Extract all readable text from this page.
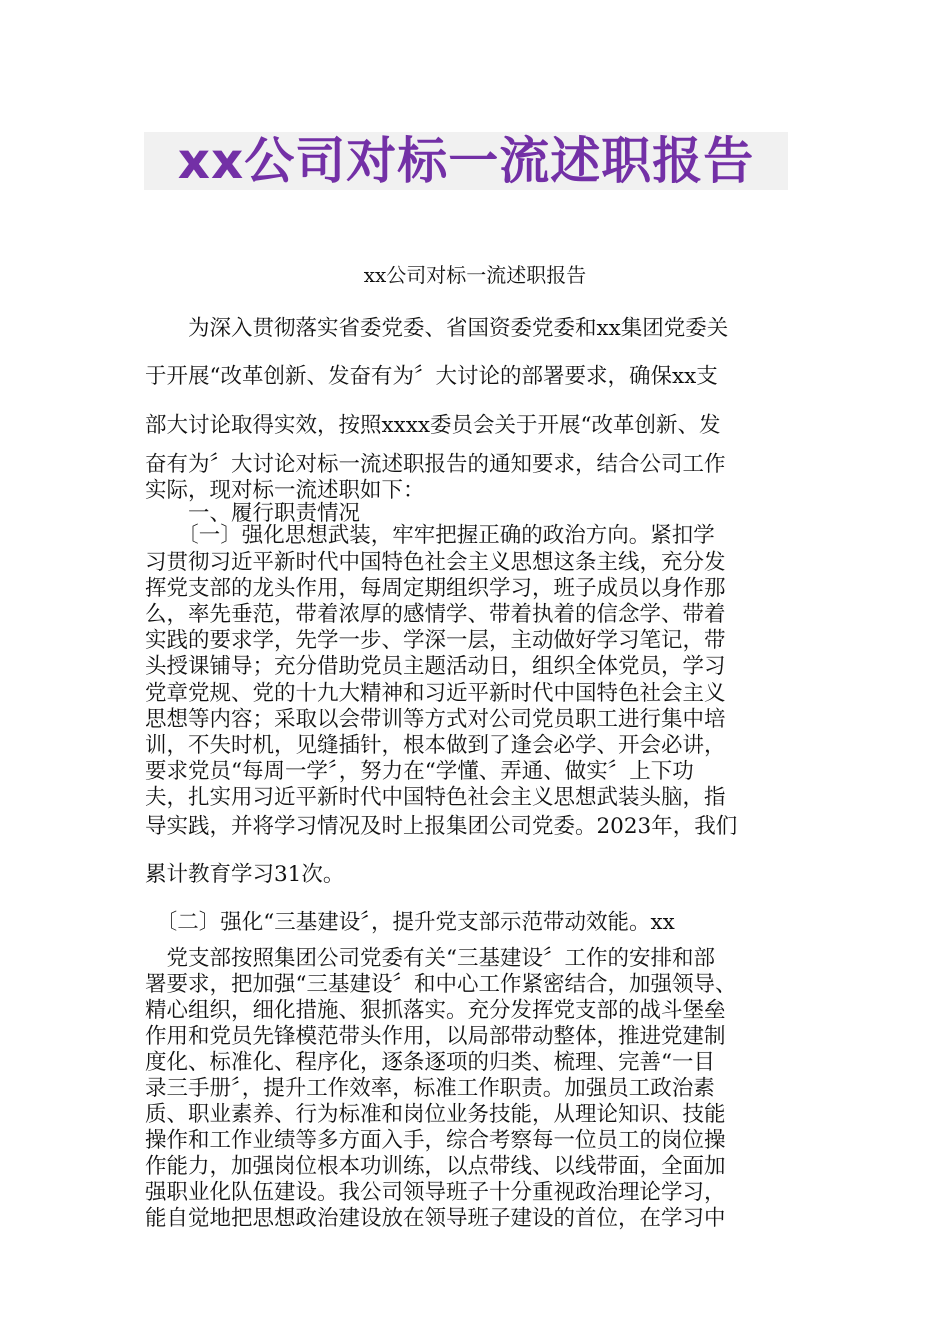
xx公司对标一流述职报告
xx公司对标一流述职报告
　　为深入贯彻落实省委党委、省国资委党委和xx集团党委关
于开展“改革创新、发奋有为〞大讨论的部署要求，确保xx支
部大讨论取得实效，按照xxxx委员会关于开展“改革创新、发
奋有为〞大讨论对标一流述职报告的通知要求，结合公司工作
实际，现对标一流述职如下：
　　一、履行职责情况
　　〔一〕强化思想武装，牢牢把握正确的政治方向。紧扣学
习贯彻习近平新时代中国特色社会主义思想这条主线，充分发
挥党支部的龙头作用，每周定期组织学习，班子成员以身作那
么，率先垂范，带着浓厚的感情学、带着执着的信念学、带着
实践的要求学，先学一步、学深一层，主动做好学习笔记，带
头授课铺导；充分借助党员主题活动日，组织全体党员，学习
党章党规、党的十九大精神和习近平新时代中国特色社会主义
思想等内容；采取以会带训等方式对公司党员职工进行集中培
训，不失时机，见缝插针，根本做到了逢会必学、开会必讲，
要求党员“每周一学〞，努力在“学懂、弄通、做实〞上下功
夫，扎实用习近平新时代中国特色社会主义思想武装头脑，指
导实践，并将学习情况及时上报集团公司党委。2023年，我们
累计教育学习31次。
　〔二〕强化“三基建设〞，提升党支部示范带动效能。xx
　党支部按照集团公司党委有关“三基建设〞工作的安排和部
署要求，把加强“三基建设〞和中心工作紧密结合，加强领导、
精心组织，细化措施、狠抓落实。充分发挥党支部的战斗堡垒
作用和党员先锋模范带头作用，以局部带动整体，推进党建制
度化、标准化、程序化，逐条逐项的归类、梳理、完善“一目
录三手册〞，提升工作效率，标准工作职责。加强员工政治素
质、职业素养、行为标准和岗位业务技能，从理论知识、技能
操作和工作业绩等多方面入手，综合考察每一位员工的岗位操
作能力，加强岗位根本功训练，以点带线、以线带面，全面加
强职业化队伍建设。我公司领导班子十分重视政治理论学习，
能自觉地把思想政治建设放在领导班子建设的首位，在学习中
